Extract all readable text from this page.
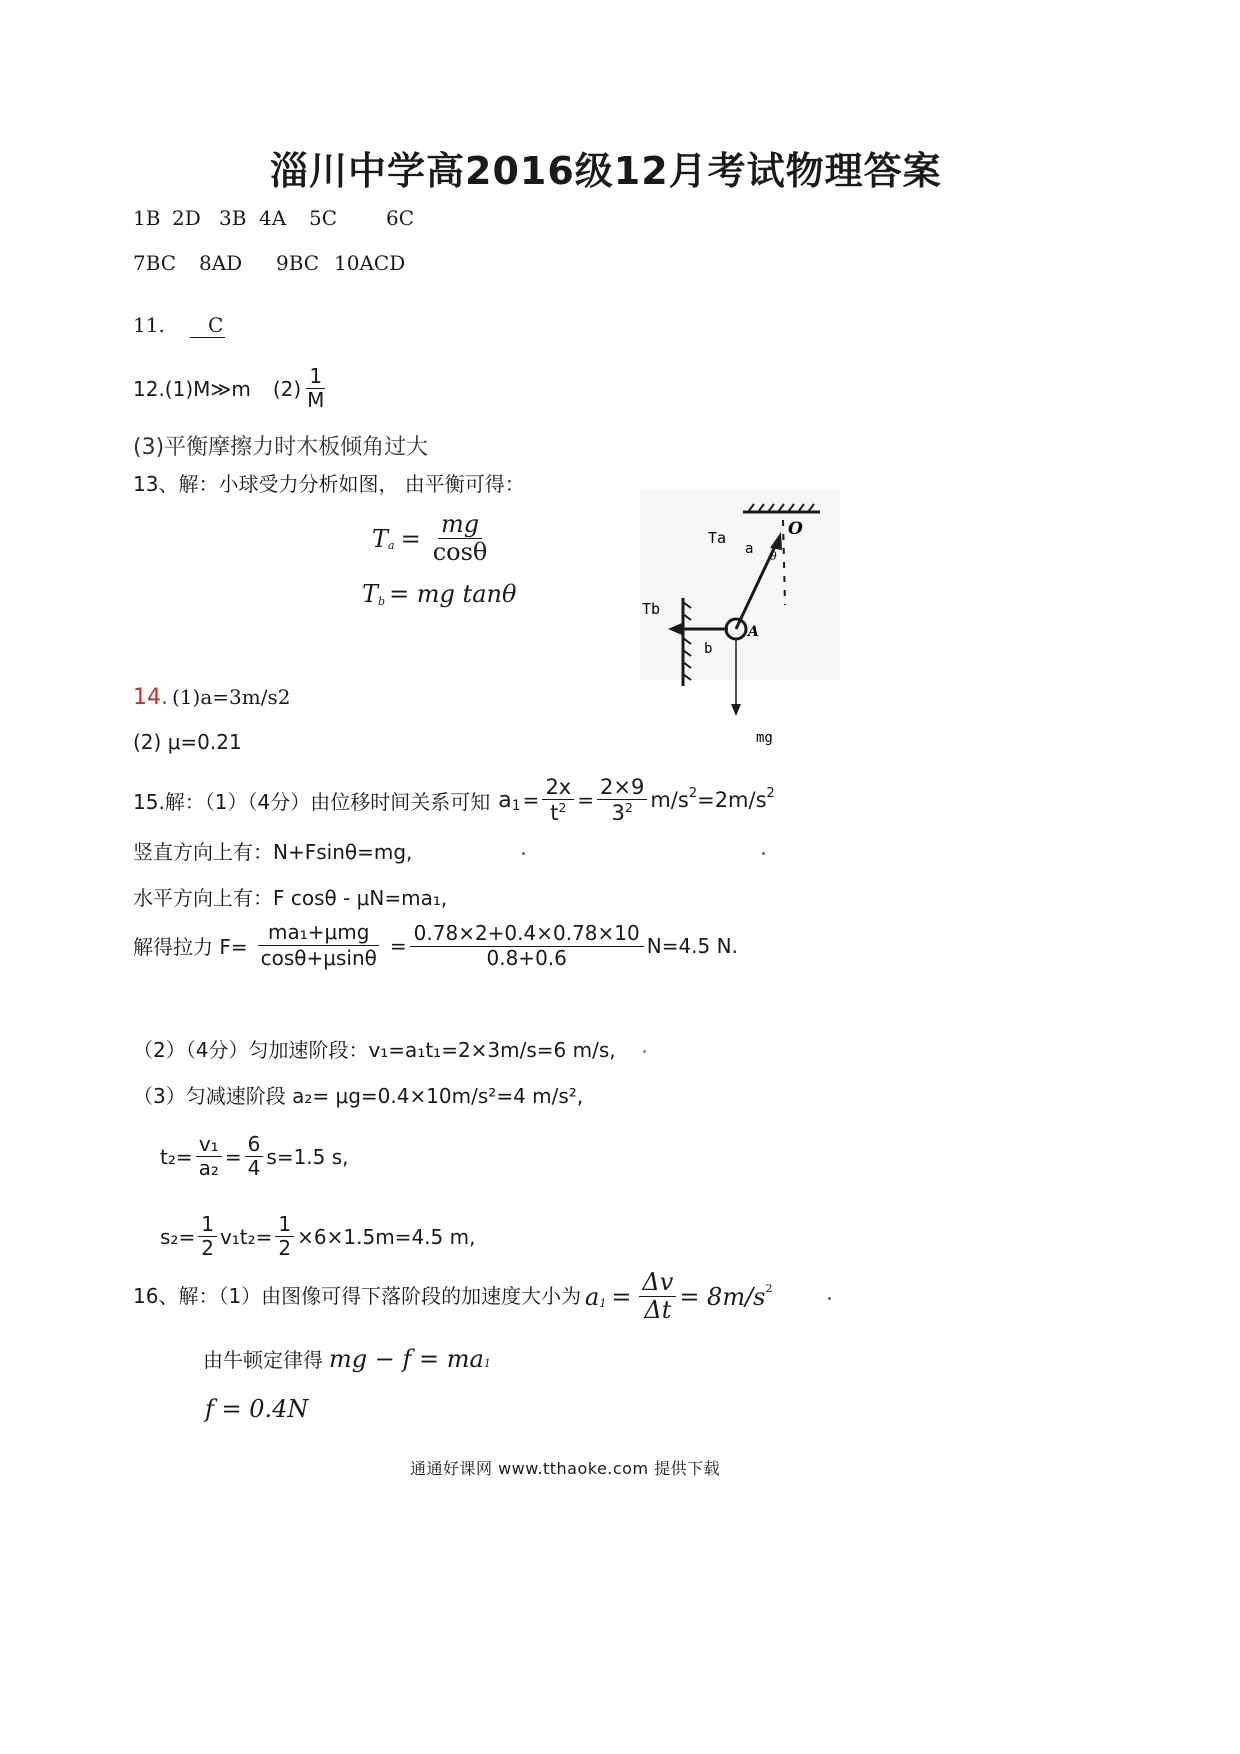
淄川中学高2016级12月考试物理答案
1B 2D 3B 4A 5C 6C
7BC 8AD 9BC 10ACD
11.	C
12.(1)M≫m $(2) \frac{1}{M}$
(3)平衡摩擦力时木板倾角过大
13、解：小球受力分析如图， 由平衡可得：
$T_a = \frac{mg}{\cos\theta}$
$T_b$ = mg tanθ
Ta
a
O
θ
Tb
b
A
mg
14. (1)a=3m/s2
(2) μ=0.21
15.解：（1）（4分）由位移时间关系可知 $a_1 = \frac{2x}{t^2} = \frac{2\times 9}{3^2} m/s^2 =2m/s^2$
竖直方向上有：N+Fsinθ=mg,
水平方向上有：F cosθ - μN=ma₁,
解得拉力 $F= \frac{\text{ma₁+μmg}}{\cos\theta+\mu\sin\theta} = \frac{0.78\times 2+0.4\times 0.78\times 10}{0.8+0.6} N=4.5$ N.
（2）（4分）匀加速阶段：v₁=a₁t₁=2×3m/s=6 m/s,
（3）匀减速阶段 a₂= μg=0.4×10m/s²=4 m/s²,
$t_2= \frac{\text{v₁}}{\text{a₂}} = \frac{6}{4} s=1.5$ s,
$s_2= \frac{1}{2} v_1t_2= \frac{1}{2} \times 6\times 1.5m=4.5$ m,
16、解：（1）由图像可得下落阶段的加速度大小为 $a_1 = \frac{\Delta v}{\Delta t} = 8m/s^2$
由牛顿定律得 mg − $f = ma_1$
f = 0.4N
通通好课网 www.tthaoke.com 提供下载
